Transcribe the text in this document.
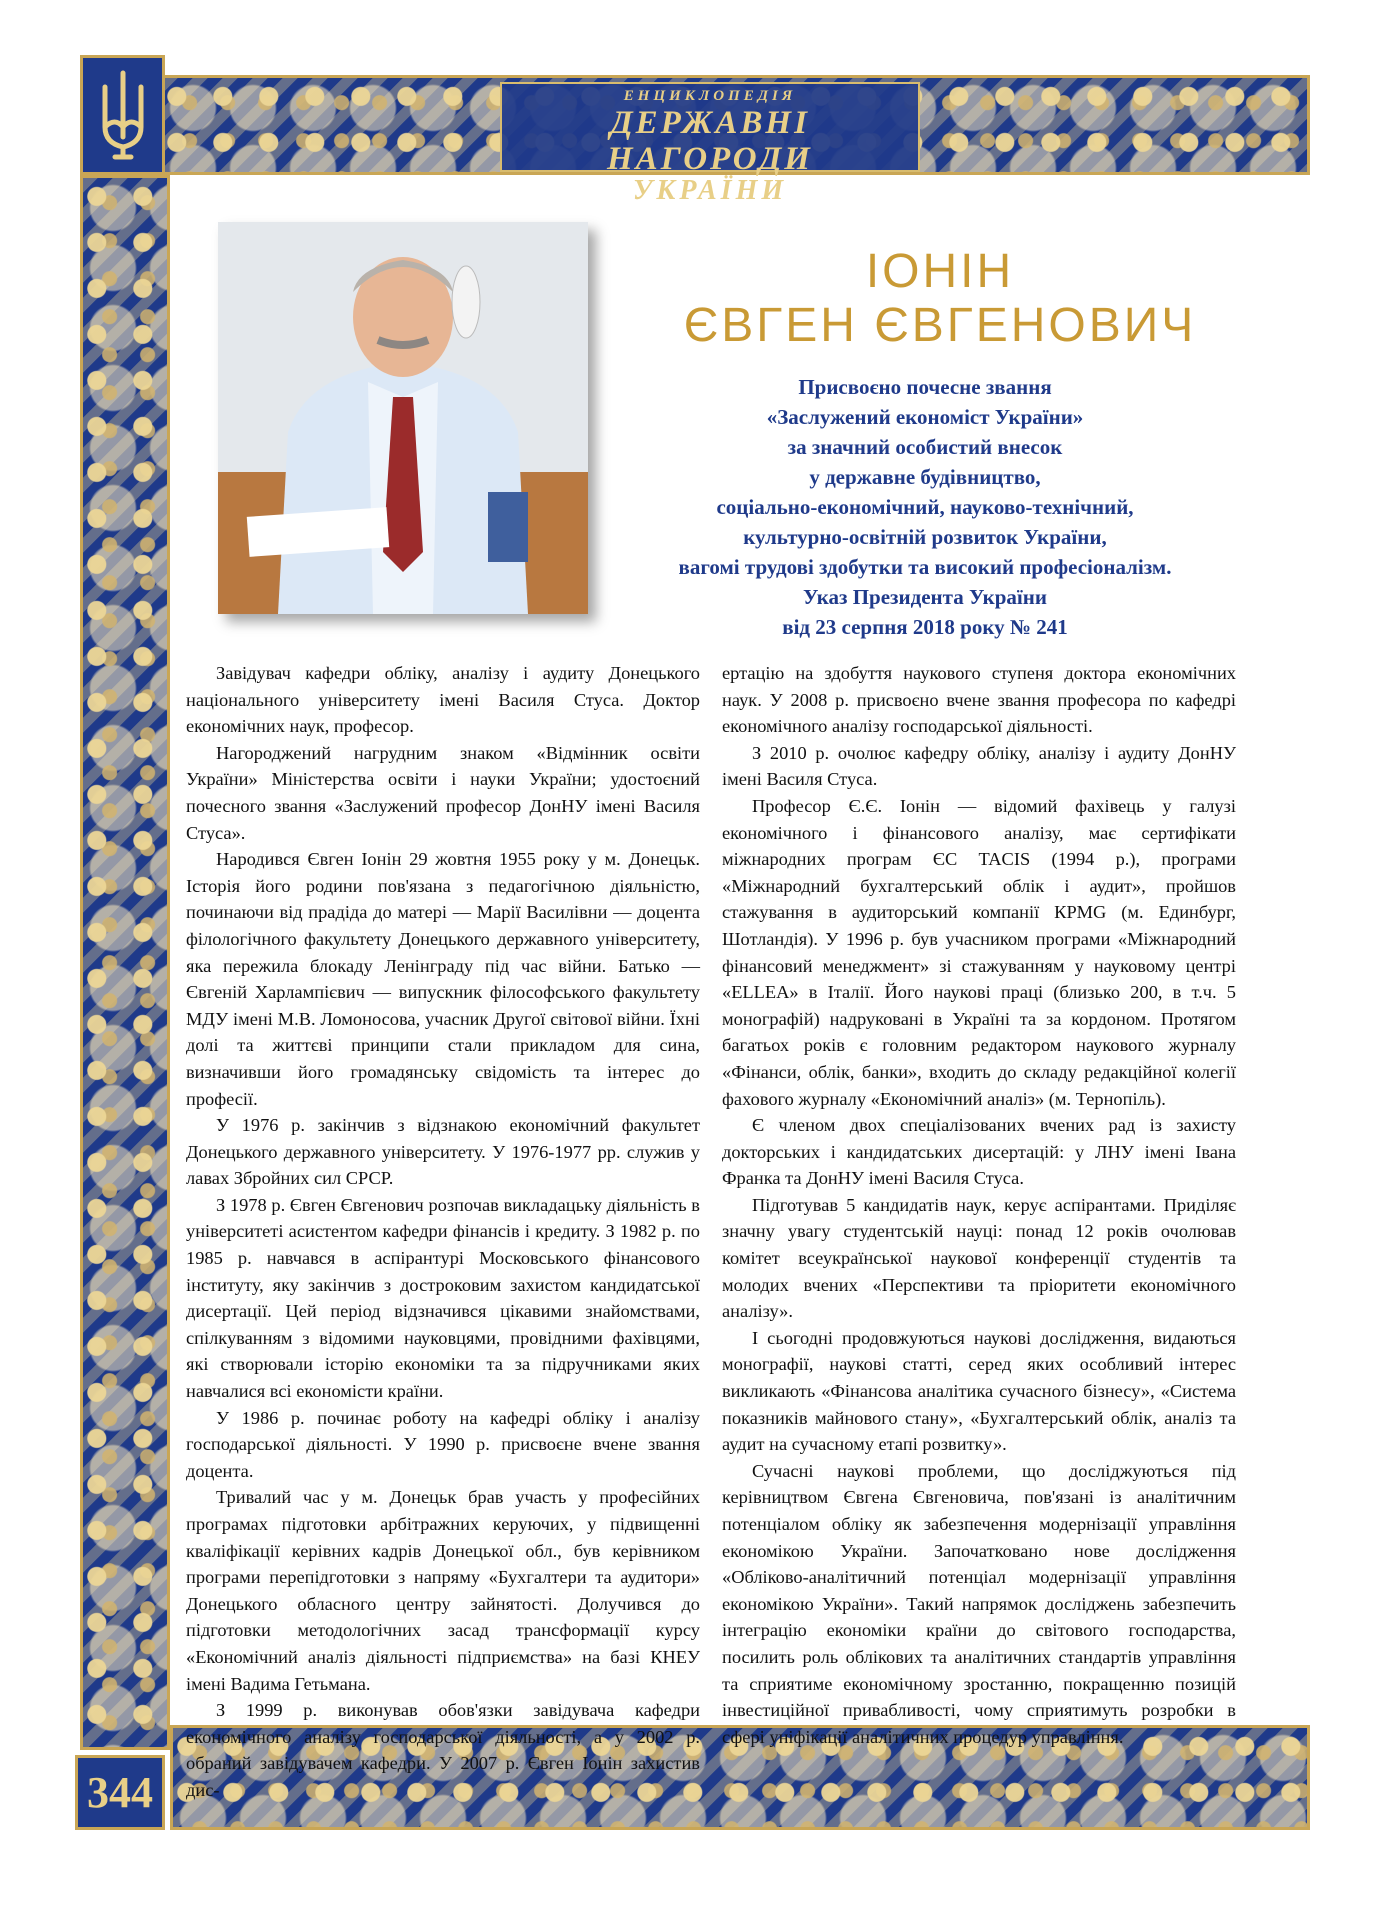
ЕНЦИКЛОПЕДІЯ
ДЕРЖАВНІ НАГОРОДИ
УКРАЇНИ
ІОНІН
ЄВГЕН ЄВГЕНОВИЧ
Присвоєно почесне звання
«Заслужений економіст України»
за значний особистий внесок
у державне будівництво,
соціально-економічний, науково-технічний,
культурно-освітній розвиток України,
вагомі трудові здобутки та високий професіоналізм.
Указ Президента України
від 23 серпня 2018 року № 241

Завідувач кафедри обліку, аналізу і аудиту Донецького національного університету імені Василя Стуса. Доктор економічних наук, професор.

Нагороджений нагрудним знаком «Відмінник освіти України» Міністерства освіти і науки України; удостоєний почесного звання «Заслужений професор ДонНУ імені Василя Стуса».

Народився Євген Іонін 29 жовтня 1955 року у м. Донецьк. Історія його родини пов'язана з педагогічною діяльністю, починаючи від прадіда до матері — Марії Василівни — доцента філологічного факультету Донецького державного університету, яка пережила блокаду Ленінграду під час війни. Батько — Євгеній Харлампієвич — випускник філософського факультету МДУ імені М.В. Ломоносова, учасник Другої світової війни. Їхні долі та життєві принципи стали прикладом для сина, визначивши його громадянську свідомість та інтерес до професії.

У 1976 р. закінчив з відзнакою економічний факультет Донецького державного університету. У 1976-1977 рр. служив у лавах Збройних сил СРСР.

З 1978 р. Євген Євгенович розпочав викладацьку діяльність в університеті асистентом кафедри фінансів і кредиту. З 1982 р. по 1985 р. навчався в аспірантурі Московського фінансового інституту, яку закінчив з достроковим захистом кандидатської дисертації. Цей період відзначився цікавими знайомствами, спілкуванням з відомими науковцями, провідними фахівцями, які створювали історію економіки та за підручниками яких навчалися всі економісти країни.

У 1986 р. починає роботу на кафедрі обліку і аналізу господарської діяльності. У 1990 р. присвоєне вчене звання доцента.

Тривалий час у м. Донецьк брав участь у професійних програмах підготовки арбітражних керуючих, у підвищенні кваліфікації керівних кадрів Донецької обл., був керівником програми перепідготовки з напряму «Бухгалтери та аудитори» Донецького обласного центру зайнятості. Долучився до підготовки методологічних засад трансформації курсу «Економічний аналіз діяльності підприємства» на базі КНЕУ імені Вадима Гетьмана.

З 1999 р. виконував обов'язки завідувача кафедри економічного аналізу господарської діяльності, а у 2002 р. обраний завідувачем кафедри. У 2007 р. Євген Іонін захистив дис-

ертацію на здобуття наукового ступеня доктора економічних наук. У 2008 р. присвоєно вчене звання професора по кафедрі економічного аналізу господарської діяльності.

З 2010 р. очолює кафедру обліку, аналізу і аудиту ДонНУ імені Василя Стуса.

Професор Є.Є. Іонін — відомий фахівець у галузі економічного і фінансового аналізу, має сертифікати міжнародних програм ЄС TACIS (1994 р.), програми «Міжнародний бухгалтерський облік і аудит», пройшов стажування в аудиторський компанії КРМG (м. Единбург, Шотландія). У 1996 р. був учасником програми «Міжнародний фінансовий менеджмент» зі стажуванням у науковому центрі «ELLEA» в Італії. Його наукові праці (близько 200, в т.ч. 5 монографій) надруковані в Україні та за кордоном. Протягом багатьох років є головним редактором наукового журналу «Фінанси, облік, банки», входить до складу редакційної колегії фахового журналу «Економічний аналіз» (м. Тернопіль).

Є членом двох спеціалізованих вчених рад із захисту докторських і кандидатських дисертацій: у ЛНУ імені Івана Франка та ДонНУ імені Василя Стуса.

Підготував 5 кандидатів наук, керує аспірантами. Приділяє значну увагу студентській науці: понад 12 років очолював комітет всеукраїнської наукової конференції студентів та молодих вчених «Перспективи та пріоритети економічного аналізу».

І сьогодні продовжуються наукові дослідження, видаються монографії, наукові статті, серед яких особливий інтерес викликають «Фінансова аналітика сучасного бізнесу», «Система показників майнового стану», «Бухгалтерський облік, аналіз та аудит на сучасному етапі розвитку».

Сучасні наукові проблеми, що досліджуються під керівництвом Євгена Євгеновича, пов'язані із аналітичним потенціалом обліку як забезпечення модернізації управління економікою України. Започатковано нове дослідження «Обліково-аналітичний потенціал модернізації управління економікою України». Такий напрямок досліджень забезпечить інтеграцію економіки країни до світового господарства, посилить роль облікових та аналітичних стандартів управління та сприятиме економічному зростанню, покращенню позицій інвестиційної привабливості, чому сприятимуть розробки в сфері уніфікації аналітичних процедур управління.

344
